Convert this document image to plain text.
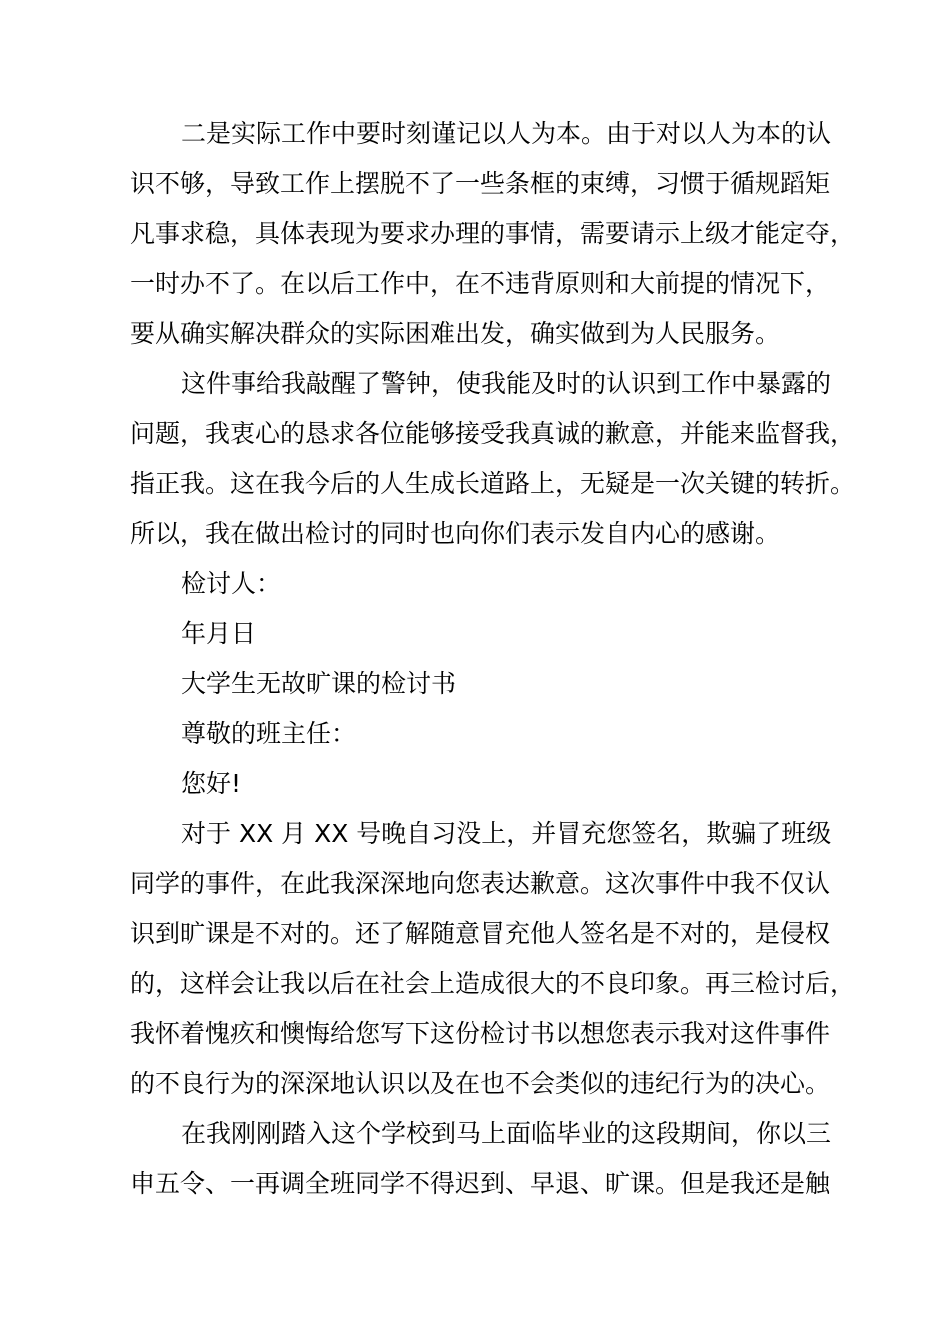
二是实际工作中要时刻谨记以人为本。由于对以人为本的认

识不够，导致工作上摆脱不了一些条框的束缚，习惯于循规蹈矩

凡事求稳，具体表现为要求办理的事情，需要请示上级才能定夺，

一时办不了。在以后工作中，在不违背原则和大前提的情况下，

要从确实解决群众的实际困难出发，确实做到为人民服务。

这件事给我敲醒了警钟，使我能及时的认识到工作中暴露的

问题，我衷心的恳求各位能够接受我真诚的歉意，并能来监督我，

指正我。这在我今后的人生成长道路上，无疑是一次关键的转折。

所以，我在做出检讨的同时也向你们表示发自内心的感谢。

检讨人：

年月日

大学生无故旷课的检讨书

尊敬的班主任：

您好!

对于 XX 月 XX 号晚自习没上，并冒充您签名，欺骗了班级

同学的事件，在此我深深地向您表达歉意。这次事件中我不仅认

识到旷课是不对的。还了解随意冒充他人签名是不对的，是侵权

的，这样会让我以后在社会上造成很大的不良印象。再三检讨后，

我怀着愧疚和懊悔给您写下这份检讨书以想您表示我对这件事件

的不良行为的深深地认识以及在也不会类似的违纪行为的决心。

在我刚刚踏入这个学校到马上面临毕业的这段期间，你以三

申五令、一再调全班同学不得迟到、早退、旷课。但是我还是触
